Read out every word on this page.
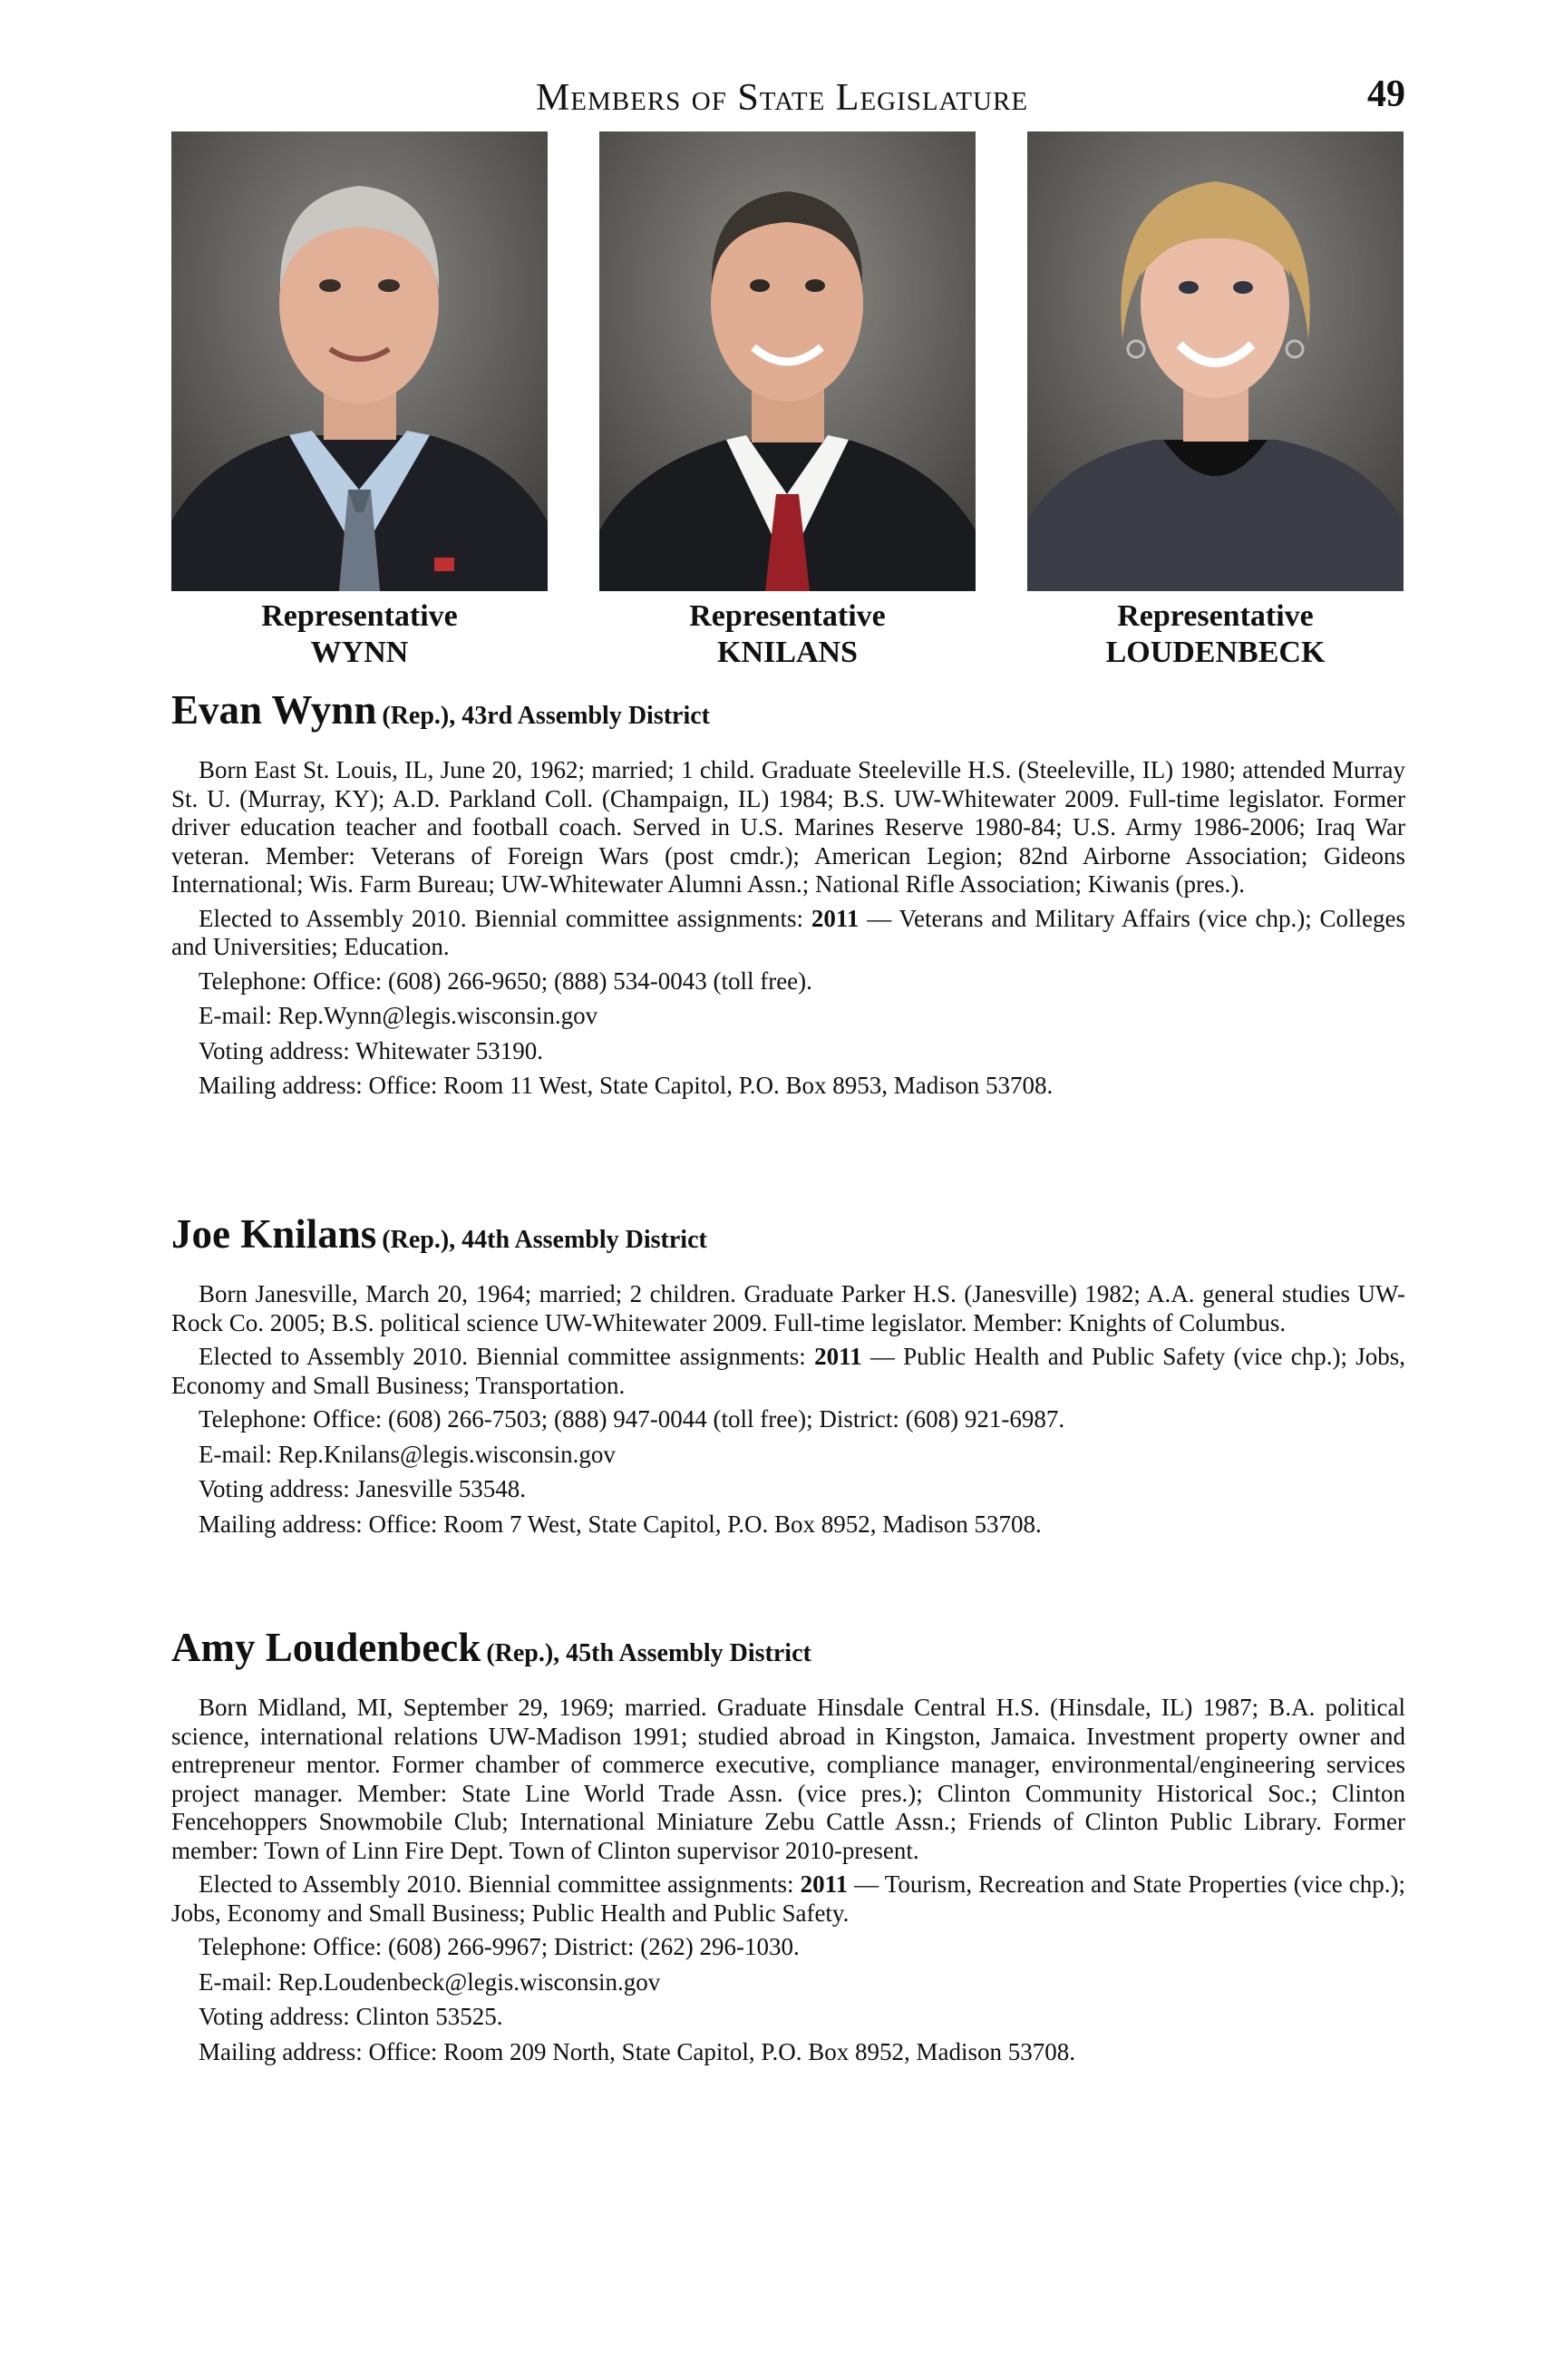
Members of State Legislature	49
Representative
WYNN
Representative
KNILANS
Representative
LOUDENBECK
Evan Wynn (Rep.), 43rd Assembly District

Born East St. Louis, IL, June 20, 1962; married; 1 child. Graduate Steeleville H.S. (Steeleville, IL) 1980; attended Murray St. U. (Murray, KY); A.D. Parkland Coll. (Champaign, IL) 1984; B.S. UW-Whitewater 2009. Full-time legislator. Former driver education teacher and football coach. Served in U.S. Marines Reserve 1980-84; U.S. Army 1986-2006; Iraq War veteran. Member: Veterans of Foreign Wars (post cmdr.); American Legion; 82nd Airborne Association; Gideons International; Wis. Farm Bureau; UW-Whitewater Alumni Assn.; National Rifle Association; Kiwanis (pres.).

Elected to Assembly 2010. Biennial committee assignments: 2011 — Veterans and Military Affairs (vice chp.); Colleges and Universities; Education.

Telephone: Office: (608) 266-9650; (888) 534-0043 (toll free).

E-mail: Rep.Wynn@legis.wisconsin.gov

Voting address: Whitewater 53190.

Mailing address: Office: Room 11 West, State Capitol, P.O. Box 8953, Madison 53708.

Joe Knilans (Rep.), 44th Assembly District

Born Janesville, March 20, 1964; married; 2 children. Graduate Parker H.S. (Janesville) 1982; A.A. general studies UW-Rock Co. 2005; B.S. political science UW-Whitewater 2009. Full-time legislator. Member: Knights of Columbus.

Elected to Assembly 2010. Biennial committee assignments: 2011 — Public Health and Public Safety (vice chp.); Jobs, Economy and Small Business; Transportation.

Telephone: Office: (608) 266-7503; (888) 947-0044 (toll free); District: (608) 921-6987.

E-mail: Rep.Knilans@legis.wisconsin.gov

Voting address: Janesville 53548.

Mailing address: Office: Room 7 West, State Capitol, P.O. Box 8952, Madison 53708.

Amy Loudenbeck (Rep.), 45th Assembly District

Born Midland, MI, September 29, 1969; married. Graduate Hinsdale Central H.S. (Hinsdale, IL) 1987; B.A. political science, international relations UW-Madison 1991; studied abroad in Kingston, Jamaica. Investment property owner and entrepreneur mentor. Former chamber of commerce executive, compliance manager, environmental/engineering services project manager. Member: State Line World Trade Assn. (vice pres.); Clinton Community Historical Soc.; Clinton Fencehoppers Snowmobile Club; International Miniature Zebu Cattle Assn.; Friends of Clinton Public Library. Former member: Town of Linn Fire Dept. Town of Clinton supervisor 2010-present.

Elected to Assembly 2010. Biennial committee assignments: 2011 — Tourism, Recreation and State Properties (vice chp.); Jobs, Economy and Small Business; Public Health and Public Safety.

Telephone: Office: (608) 266-9967; District: (262) 296-1030.

E-mail: Rep.Loudenbeck@legis.wisconsin.gov

Voting address: Clinton 53525.

Mailing address: Office: Room 209 North, State Capitol, P.O. Box 8952, Madison 53708.
